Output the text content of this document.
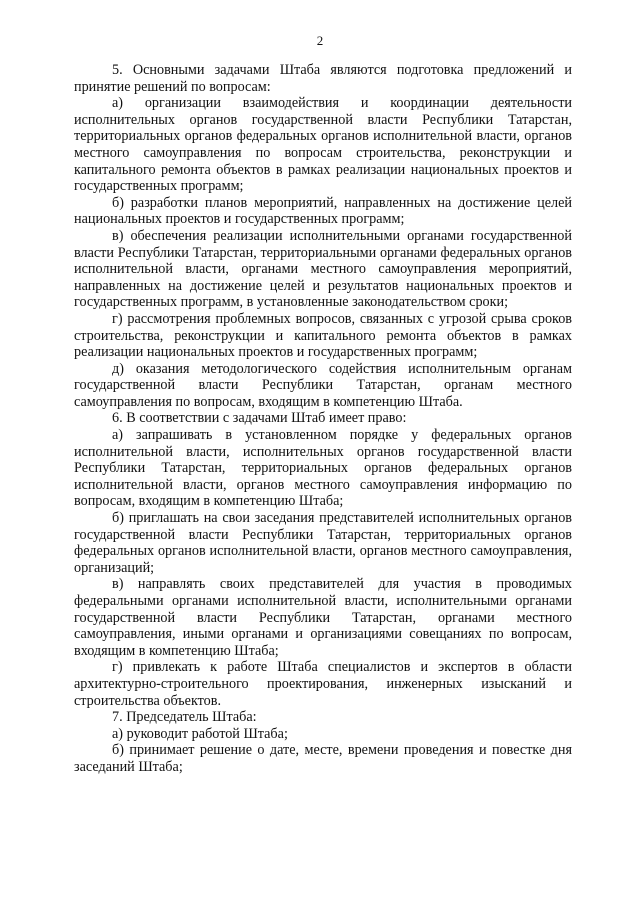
2

5. Основными задачами Штаба являются подготовка предложений и принятие решений по вопросам:

а) организации взаимодействия и координации деятельности исполнительных органов государственной власти Республики Татарстан, территориальных органов федеральных органов исполнительной власти, органов местного самоуправления по вопросам строительства, реконструкции и капитального ремонта объектов в рамках реализации национальных проектов и государственных программ;

б) разработки планов мероприятий, направленных на достижение целей национальных проектов и государственных программ;

в) обеспечения реализации исполнительными органами государственной власти Республики Татарстан, территориальными органами федеральных органов исполнительной власти, органами местного самоуправления мероприятий, направленных на достижение целей и результатов национальных проектов и государственных программ, в установленные законодательством сроки;

г) рассмотрения проблемных вопросов, связанных с угрозой срыва сроков строительства, реконструкции и капитального ремонта объектов в рамках реализации национальных проектов и государственных программ;

д) оказания методологического содействия исполнительным органам государственной власти Республики Татарстан, органам местного самоуправления по вопросам, входящим в компетенцию Штаба.

6. В соответствии с задачами Штаб имеет право:

а) запрашивать в установленном порядке у федеральных органов исполнительной власти, исполнительных органов государственной власти Республики Татарстан, территориальных органов федеральных органов исполнительной власти, органов местного самоуправления информацию по вопросам, входящим в компетенцию Штаба;

б) приглашать на свои заседания представителей исполнительных органов государственной власти Республики Татарстан, территориальных органов федеральных органов исполнительной власти, органов местного самоуправления, организаций;

в) направлять своих представителей для участия в проводимых федеральными органами исполнительной власти, исполнительными органами государственной власти Республики Татарстан, органами местного самоуправления, иными органами и организациями совещаниях по вопросам, входящим в компетенцию Штаба;

г) привлекать к работе Штаба специалистов и экспертов в области архитектурно-строительного проектирования, инженерных изысканий и строительства объектов.

7. Председатель Штаба:

а) руководит работой Штаба;

б) принимает решение о дате, месте, времени проведения и повестке дня заседаний Штаба;
